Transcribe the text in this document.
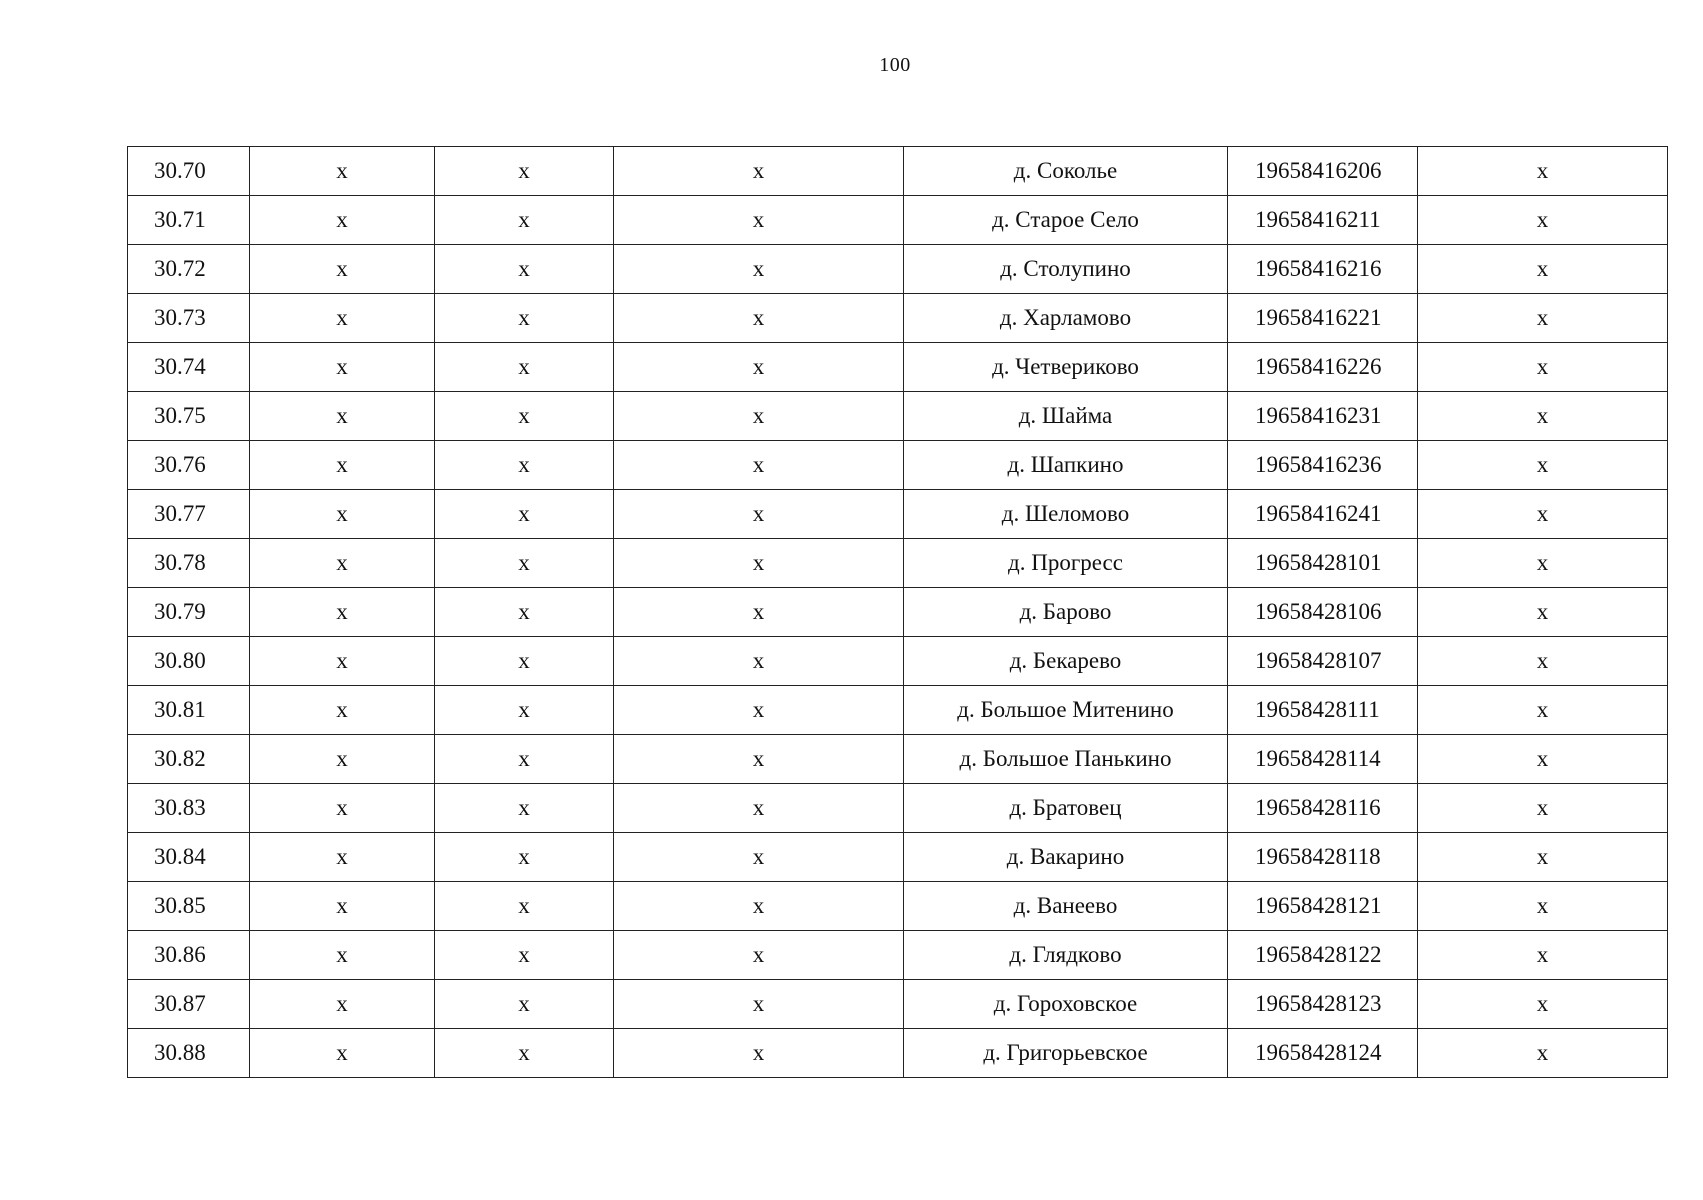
100
30.70	х	х	х	д. Соколье	19658416206	х
30.71	х	х	х	д. Старое Село	19658416211	х
30.72	х	х	х	д. Столупино	19658416216	х
30.73	х	х	х	д. Харламово	19658416221	х
30.74	х	х	х	д. Четвериково	19658416226	х
30.75	х	х	х	д. Шайма	19658416231	х
30.76	х	х	х	д. Шапкино	19658416236	х
30.77	х	х	х	д. Шеломово	19658416241	х
30.78	х	х	х	д. Прогресс	19658428101	х
30.79	х	х	х	д. Барово	19658428106	х
30.80	х	х	х	д. Бекарево	19658428107	х
30.81	х	х	х	д. Большое Митенино	19658428111	х
30.82	х	х	х	д. Большое Панькино	19658428114	х
30.83	х	х	х	д. Братовец	19658428116	х
30.84	х	х	х	д. Вакарино	19658428118	х
30.85	х	х	х	д. Ванеево	19658428121	х
30.86	х	х	х	д. Глядково	19658428122	х
30.87	х	х	х	д. Гороховское	19658428123	х
30.88	х	х	х	д. Григорьевское	19658428124	х
